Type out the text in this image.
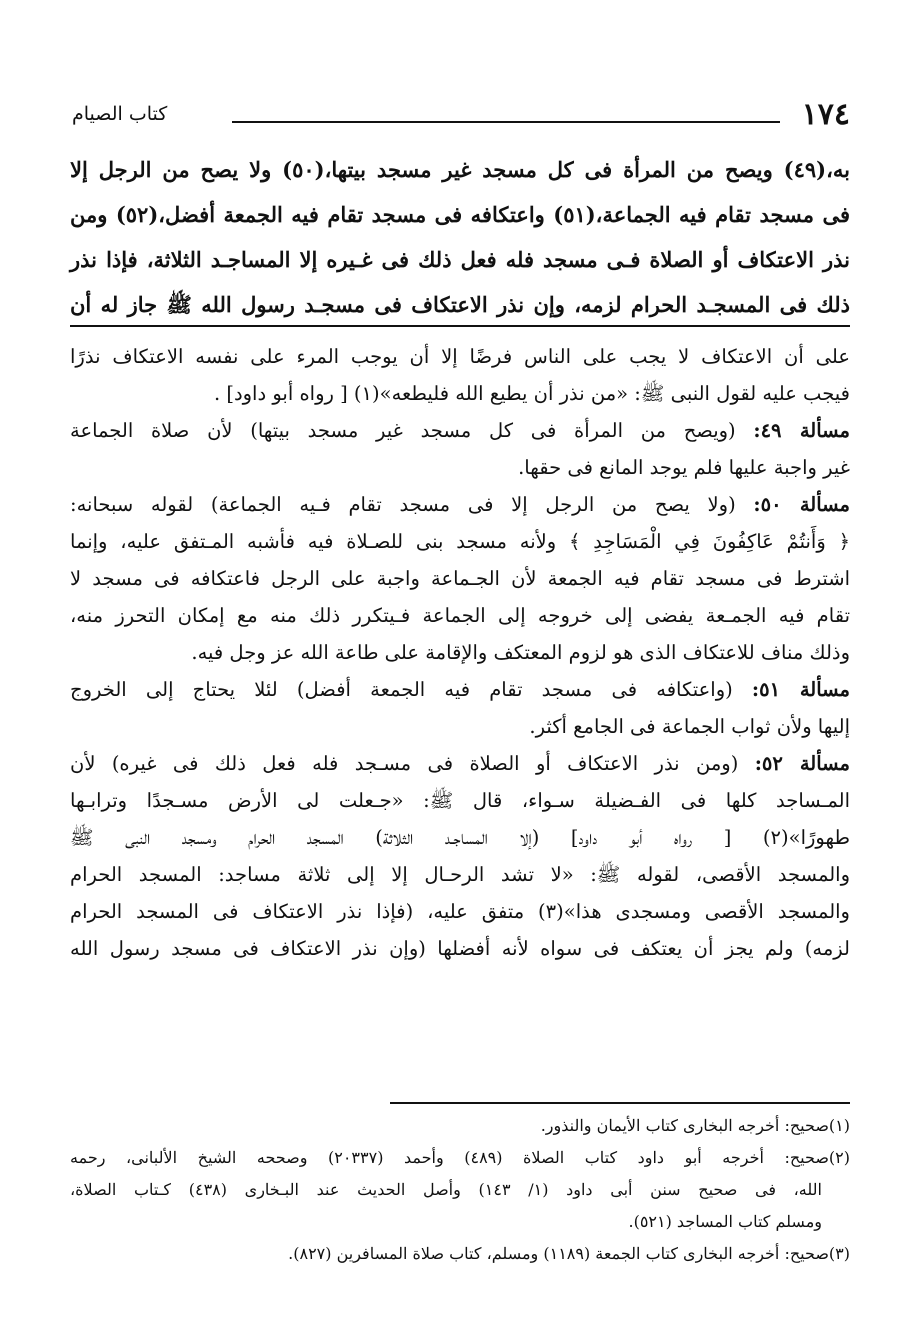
١٧٤
كتاب الصيام

به،(٤٩) ويصح من المرأة فى كل مسجد غير مسجد بيتها،(٥٠) ولا يصح من الرجل إلا

فى مسجد تقام فيه الجماعة،(٥١) واعتكافه فى مسجد تقام فيه الجمعة أفضل،(٥٢) ومن

نذر الاعتكاف أو الصلاة فـى مسجد فله فعل ذلك فى غـيره إلا المساجـد الثلاثة، فإذا نذر

ذلك فى المسجـد الحرام لزمه، وإن نذر الاعتكاف فى مسجـد رسول الله ﷺ جاز له أن

على أن الاعتكاف لا يجب على الناس فرضًا إلا أن يوجب المرء على نفسه الاعتكاف نذرًا

فيجب عليه لقول النبى ﷺ: «من نذر أن يطيع الله فليطعه»(١) [ رواه أبو داود] .

مسألة ٤٩: (ويصح من المرأة فى كل مسجد غير مسجد بيتها) لأن صلاة الجماعة

غير واجبة عليها فلم يوجد المانع فى حقها.

مسألة ٥٠: (ولا يصح من الرجل إلا فى مسجد تقام فـيه الجماعة) لقوله سبحانه:

﴿ وَأَنتُمْ عَاكِفُونَ فِي الْمَسَاجِدِ ﴾ ولأنه مسجد بنى للصـلاة فيه فأشبه المـتفق عليه، وإنما

اشترط فى مسجد تقام فيه الجمعة لأن الجـماعة واجبة على الرجل فاعتكافه فى مسجد لا

تقام فيه الجمـعة يفضى إلى خروجه إلى الجماعة فـيتكرر ذلك منه مع إمكان التحرز منه،

وذلك مناف للاعتكاف الذى هو لزوم المعتكف والإقامة على طاعة الله عز وجل فيه.

مسألة ٥١: (واعتكافه فى مسجد تقام فيه الجمعة أفضل) لئلا يحتاج إلى الخروج

إليها ولأن ثواب الجماعة فى الجامع أكثر.

مسألة ٥٢: (ومن نذر الاعتكاف أو الصلاة فى مسـجد فله فعل ذلك فى غيره) لأن

المـساجد كلها فى الفـضيلة سـواء، قال ﷺ: «جـعلت لى الأرض مسـجدًا وترابـها

طهورًا»(٢) [ رواه أبو داود] (إلا المساجـد الثلاثة) المسجد الحرام ومسجد النبى ﷺ

والمسجد الأقصى، لقوله ﷺ: «لا تشد الرحـال إلا إلى ثلاثة مساجد: المسجد الحرام

والمسجد الأقصى ومسجدى هذا»(٣) متفق عليه، (فإذا نذر الاعتكاف فى المسجد الحرام

لزمه) ولم يجز أن يعتكف فى سواه لأنه أفضلها (وإن نذر الاعتكاف فى مسجد رسول الله

(١)صحيح: أخرجه البخارى كتاب الأيمان والنذور.

(٢)صحيح: أخرجه أبو داود كتاب الصلاة (٤٨٩) وأحمد (٢٠٣٣٧) وصححه الشيخ الألبانى، رحمه

الله، فى صحيح سنن أبى داود (١/ ١٤٣) وأصل الحديث عند البـخارى (٤٣٨) كـتاب الصلاة،

ومسلم كتاب المساجد (٥٢١).

(٣)صحيح: أخرجه البخارى كتاب الجمعة (١١٨٩) ومسلم، كتاب صلاة المسافرين (٨٢٧).
